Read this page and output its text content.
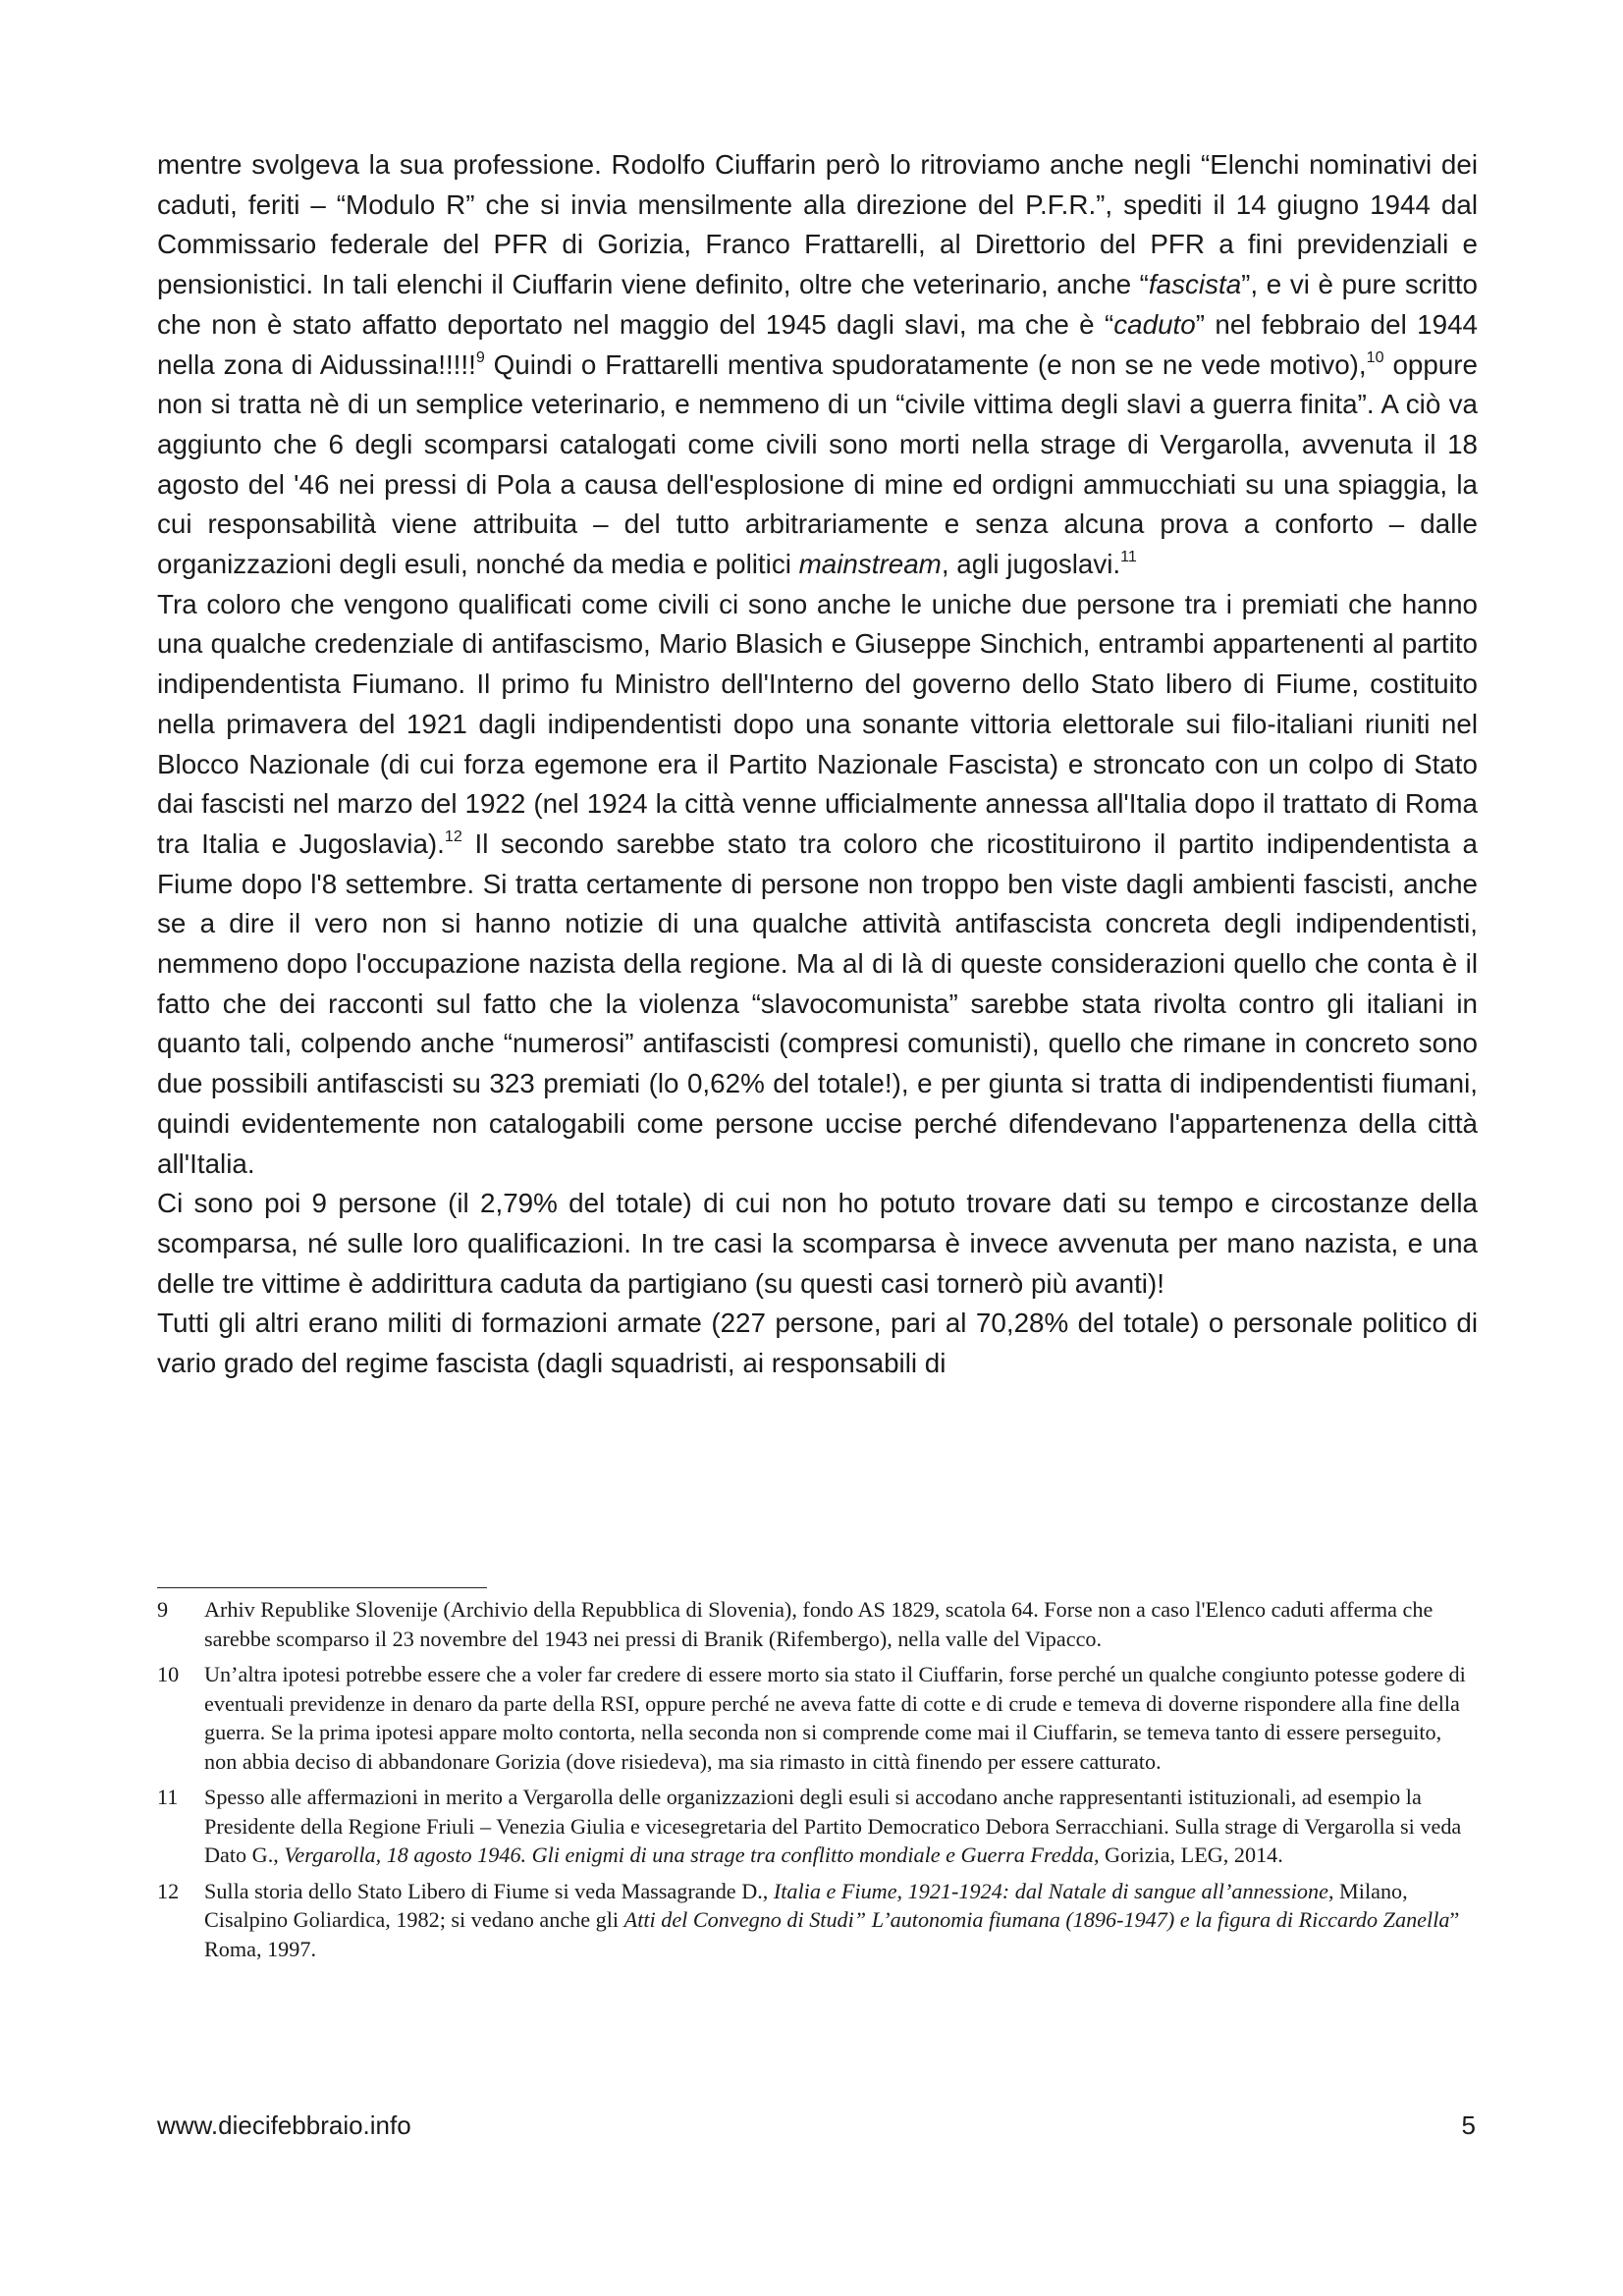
mentre svolgeva la sua professione. Rodolfo Ciuffarin però lo ritroviamo anche negli “Elenchi nominativi dei caduti, feriti – “Modulo R” che si invia mensilmente alla direzione del P.F.R.”, spediti il 14 giugno 1944 dal Commissario federale del PFR di Gorizia, Franco Frattarelli, al Direttorio del PFR a fini previdenziali e pensionistici. In tali elenchi il Ciuffarin viene definito, oltre che veterinario, anche “fascista”, e vi è pure scritto che non è stato affatto deportato nel maggio del 1945 dagli slavi, ma che è “caduto” nel febbraio del 1944 nella zona di Aidussina!!!!!$^9$ Quindi o Frattarelli mentiva spudoratamente (e non se ne vede motivo),$^{10}$ oppure non si tratta nè di un semplice veterinario, e nemmeno di un “civile vittima degli slavi a guerra finita”. A ciò va aggiunto che 6 degli scomparsi catalogati come civili sono morti nella strage di Vergarolla, avvenuta il 18 agosto del '46 nei pressi di Pola a causa dell'esplosione di mine ed ordigni ammucchiati su una spiaggia, la cui responsabilità viene attribuita – del tutto arbitrariamente e senza alcuna prova a conforto – dalle organizzazioni degli esuli, nonché da media e politici mainstream, agli jugoslavi.$^{11}$

Tra coloro che vengono qualificati come civili ci sono anche le uniche due persone tra i premiati che hanno una qualche credenziale di antifascismo, Mario Blasich e Giuseppe Sinchich, entrambi appartenenti al partito indipendentista Fiumano. Il primo fu Ministro dell'Interno del governo dello Stato libero di Fiume, costituito nella primavera del 1921 dagli indipendentisti dopo una sonante vittoria elettorale sui filo-italiani riuniti nel Blocco Nazionale (di cui forza egemone era il Partito Nazionale Fascista) e stroncato con un colpo di Stato dai fascisti nel marzo del 1922 (nel 1924 la città venne ufficialmente annessa all'Italia dopo il trattato di Roma tra Italia e Jugoslavia).$^{12}$ Il secondo sarebbe stato tra coloro che ricostituirono il partito indipendentista a Fiume dopo l'8 settembre. Si tratta certamente di persone non troppo ben viste dagli ambienti fascisti, anche se a dire il vero non si hanno notizie di una qualche attività antifascista concreta degli indipendentisti, nemmeno dopo l'occupazione nazista della regione. Ma al di là di queste considerazioni quello che conta è il fatto che dei racconti sul fatto che la violenza “slavocomunista” sarebbe stata rivolta contro gli italiani in quanto tali, colpendo anche “numerosi” antifascisti (compresi comunisti), quello che rimane in concreto sono due possibili antifascisti su 323 premiati (lo 0,62% del totale!), e per giunta si tratta di indipendentisti fiumani, quindi evidentemente non catalogabili come persone uccise perché difendevano l'appartenenza della città all'Italia.

Ci sono poi 9 persone (il 2,79% del totale) di cui non ho potuto trovare dati su tempo e circostanze della scomparsa, né sulle loro qualificazioni. In tre casi la scomparsa è invece avvenuta per mano nazista, e una delle tre vittime è addirittura caduta da partigiano (su questi casi tornerò più avanti)!

Tutti gli altri erano militi di formazioni armate (227 persone, pari al 70,28% del totale) o personale politico di vario grado del regime fascista (dagli squadristi, ai responsabili di

9	Arhiv Republike Slovenije (Archivio della Repubblica di Slovenia), fondo AS 1829, scatola 64. Forse non a caso l'Elenco caduti afferma che sarebbe scomparso il 23 novembre del 1943 nei pressi di Branik (Rifembergo), nella valle del Vipacco.
10	Un’altra ipotesi potrebbe essere che a voler far credere di essere morto sia stato il Ciuffarin, forse perché un qualche congiunto potesse godere di eventuali previdenze in denaro da parte della RSI, oppure perché ne aveva fatte di cotte e di crude e temeva di doverne rispondere alla fine della guerra. Se la prima ipotesi appare molto contorta, nella seconda non si comprende come mai il Ciuffarin, se temeva tanto di essere perseguito, non abbia deciso di abbandonare Gorizia (dove risiedeva), ma sia rimasto in città finendo per essere catturato.
11	Spesso alle affermazioni in merito a Vergarolla delle organizzazioni degli esuli si accodano anche rappresentanti istituzionali, ad esempio la Presidente della Regione Friuli – Venezia Giulia e vicesegretaria del Partito Democratico Debora Serracchiani. Sulla strage di Vergarolla si veda Dato G., Vergarolla, 18 agosto 1946. Gli enigmi di una strage tra conflitto mondiale e Guerra Fredda, Gorizia, LEG, 2014.
12	Sulla storia dello Stato Libero di Fiume si veda Massagrande D., Italia e Fiume, 1921-1924: dal Natale di sangue all’annessione, Milano, Cisalpino Goliardica, 1982; si vedano anche gli Atti del Convegno di Studi” L’autonomia fiumana (1896-1947) e la figura di Riccardo Zanella” Roma, 1997.
www.diecifebbraio.info	5
